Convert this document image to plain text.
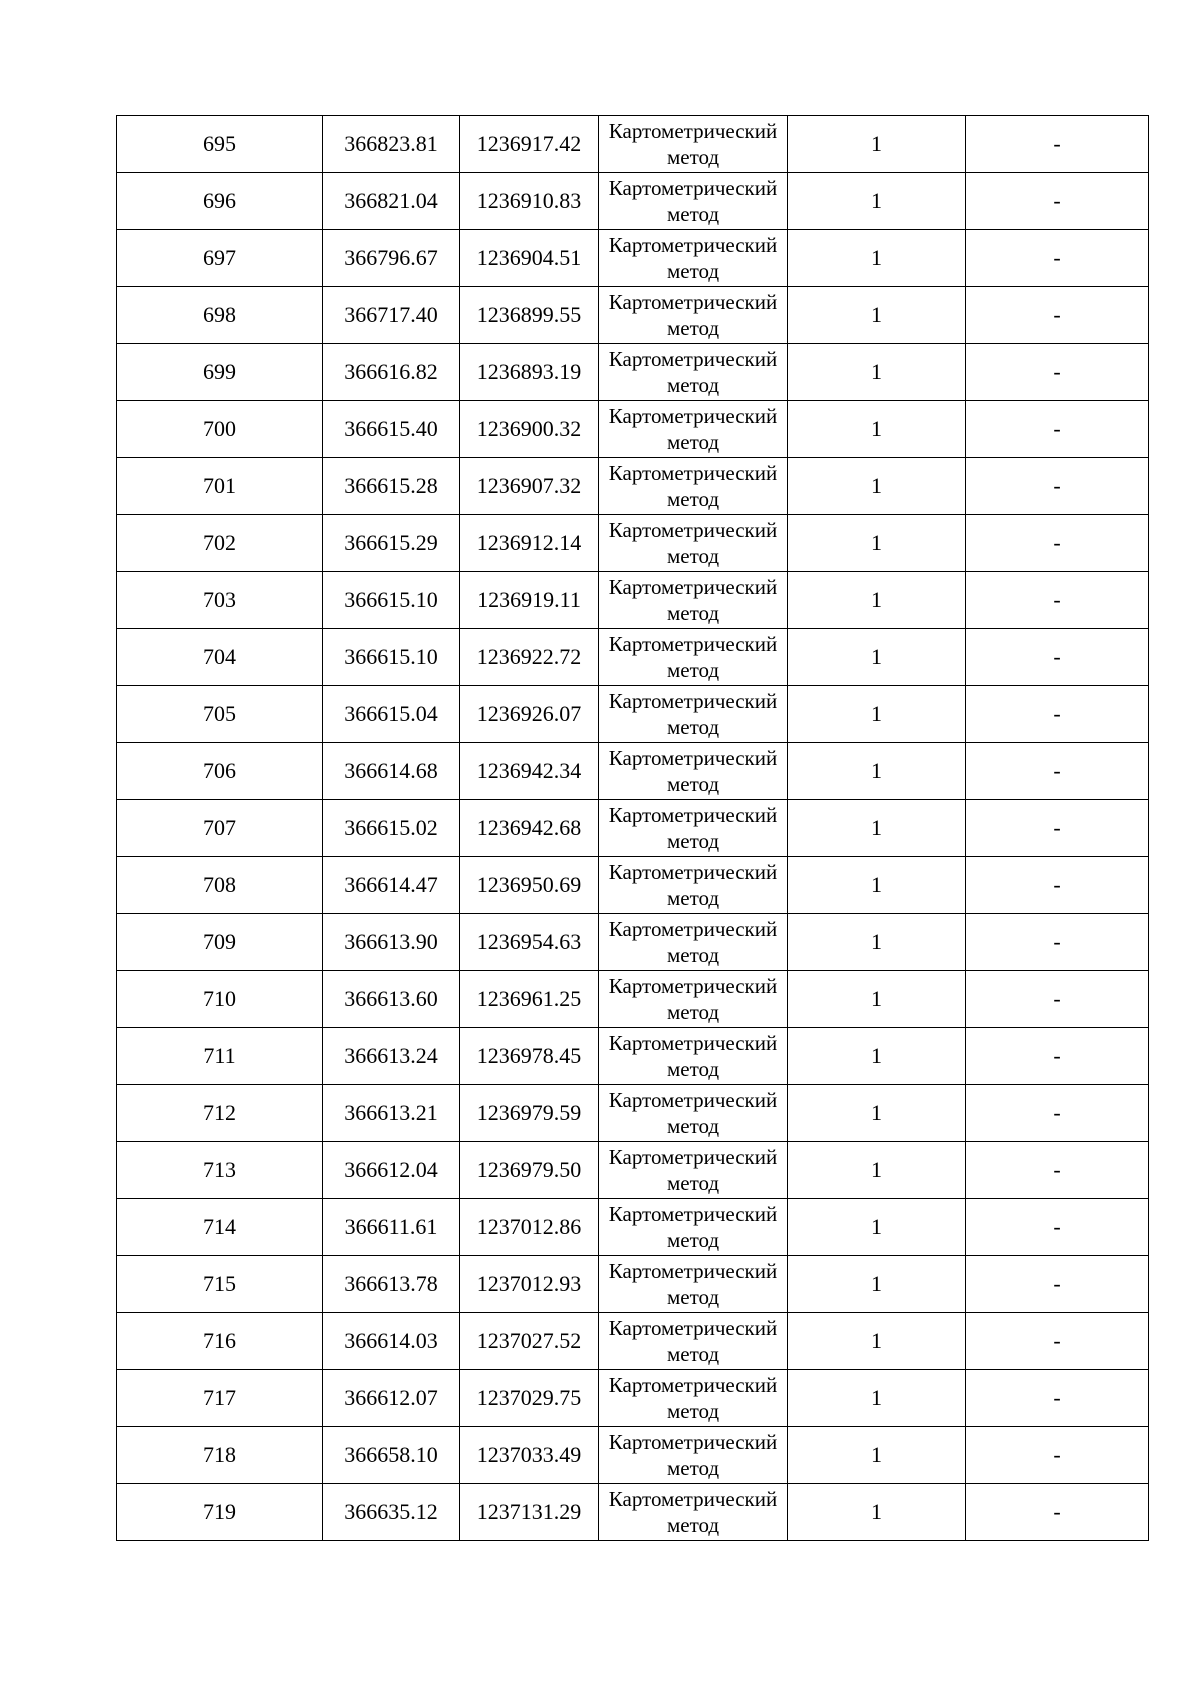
695	366823.81	1236917.42	Картометрический метод	1	-
696	366821.04	1236910.83	Картометрический метод	1	-
697	366796.67	1236904.51	Картометрический метод	1	-
698	366717.40	1236899.55	Картометрический метод	1	-
699	366616.82	1236893.19	Картометрический метод	1	-
700	366615.40	1236900.32	Картометрический метод	1	-
701	366615.28	1236907.32	Картометрический метод	1	-
702	366615.29	1236912.14	Картометрический метод	1	-
703	366615.10	1236919.11	Картометрический метод	1	-
704	366615.10	1236922.72	Картометрический метод	1	-
705	366615.04	1236926.07	Картометрический метод	1	-
706	366614.68	1236942.34	Картометрический метод	1	-
707	366615.02	1236942.68	Картометрический метод	1	-
708	366614.47	1236950.69	Картометрический метод	1	-
709	366613.90	1236954.63	Картометрический метод	1	-
710	366613.60	1236961.25	Картометрический метод	1	-
711	366613.24	1236978.45	Картометрический метод	1	-
712	366613.21	1236979.59	Картометрический метод	1	-
713	366612.04	1236979.50	Картометрический метод	1	-
714	366611.61	1237012.86	Картометрический метод	1	-
715	366613.78	1237012.93	Картометрический метод	1	-
716	366614.03	1237027.52	Картометрический метод	1	-
717	366612.07	1237029.75	Картометрический метод	1	-
718	366658.10	1237033.49	Картометрический метод	1	-
719	366635.12	1237131.29	Картометрический метод	1	-
